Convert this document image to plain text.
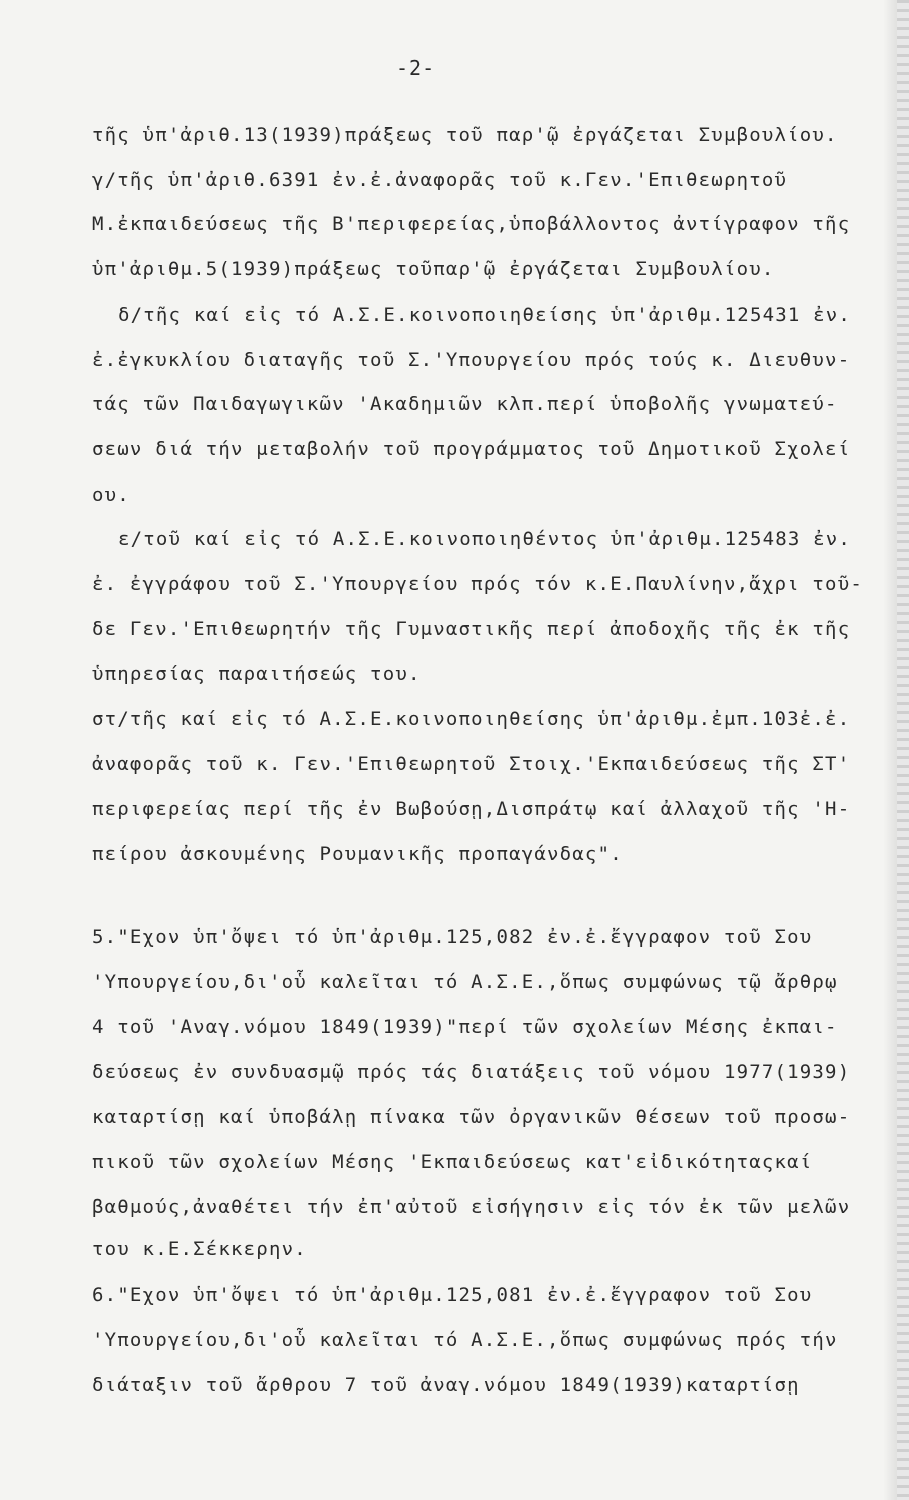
-2-
τῆς ὑπ'ἀριθ.13(1939)πράξεως τοῦ παρ'ῷ ἐργάζεται Συμβουλίου.
γ/τῆς ὑπ'ἀριθ.6391 ἐν.ἐ.ἀναφορᾶς τοῦ κ.Γεν.'Επιθεωρητοῦ
Μ.ἐκπαιδεύσεως τῆς Β'περιφερείας,ὑποβάλλοντος ἀντίγραφον τῆς
ὑπ'ἀριθμ.5(1939)πράξεως τοῦπαρ'ῷ ἐργάζεται Συμβουλίου.
δ/τῆς καί εἰς τό Α.Σ.Ε.κοινοποιηθείσης ὑπ'ἀριθμ.125431 ἐν.
ἐ.ἐγκυκλίου διαταγῆς τοῦ Σ.'Υπουργείου πρός τούς κ. Διευθυν-
τάς τῶν Παιδαγωγικῶν 'Ακαδημιῶν κλπ.περί ὑποβολῆς γνωματεύ-
σεων διά τήν μεταβολήν τοῦ προγράμματος τοῦ Δημοτικοῦ Σχολεί
ου.
ε/τοῦ καί εἰς τό Α.Σ.Ε.κοινοποιηθέντος ὑπ'ἀριθμ.125483 ἐν.
ἐ. ἐγγράφου τοῦ Σ.'Υπουργείου πρός τόν κ.Ε.Παυλίνην,ἄχρι τοῦ-
δε Γεν.'Επιθεωρητήν τῆς Γυμναστικῆς περί ἀποδοχῆς τῆς ἐκ τῆς
ὑπηρεσίας παραιτήσεώς του.
στ/τῆς καί εἰς τό Α.Σ.Ε.κοινοποιηθείσης ὑπ'ἀριθμ.ἐμπ.103ἐ.ἐ.
ἀναφορᾶς τοῦ κ. Γεν.'Επιθεωρητοῦ Στοιχ.'Εκπαιδεύσεως τῆς ΣΤ'
περιφερείας περί τῆς ἐν Βωβούσῃ,Δισπράτῳ καί ἀλλαχοῦ τῆς 'Η-
πείρου ἀσκουμένης Ρουμανικῆς προπαγάνδας".
5."Εχον ὑπ'ὄψει τό ὑπ'ἀριθμ.125,082 ἐν.ἐ.ἔγγραφον τοῦ Σου
'Υπουργείου,δι'οὗ καλεῖται τό Α.Σ.Ε.,ὅπως συμφώνως τῷ ἄρθρῳ
4 τοῦ 'Αναγ.νόμου 1849(1939)"περί τῶν σχολείων Μέσης ἐκπαι-
δεύσεως ἐν συνδυασμῷ πρός τάς διατάξεις τοῦ νόμου 1977(1939)
καταρτίσῃ καί ὑποβάλῃ πίνακα τῶν ὀργανικῶν θέσεων τοῦ προσω-
πικοῦ τῶν σχολείων Μέσης 'Εκπαιδεύσεως κατ'εἰδικότηταςκαί
βαθμούς,ἀναθέτει τήν ἐπ'αὐτοῦ εἰσήγησιν εἰς τόν ἐκ τῶν μελῶν
του κ.Ε.Σέκκερην.
6."Εχον ὑπ'ὄψει τό ὑπ'ἀριθμ.125,081 ἐν.ἐ.ἔγγραφον τοῦ Σου
'Υπουργείου,δι'οὗ καλεῖται τό Α.Σ.Ε.,ὅπως συμφώνως πρός τήν
διάταξιν τοῦ ἄρθρου 7 τοῦ ἀναγ.νόμου 1849(1939)καταρτίσῃ
